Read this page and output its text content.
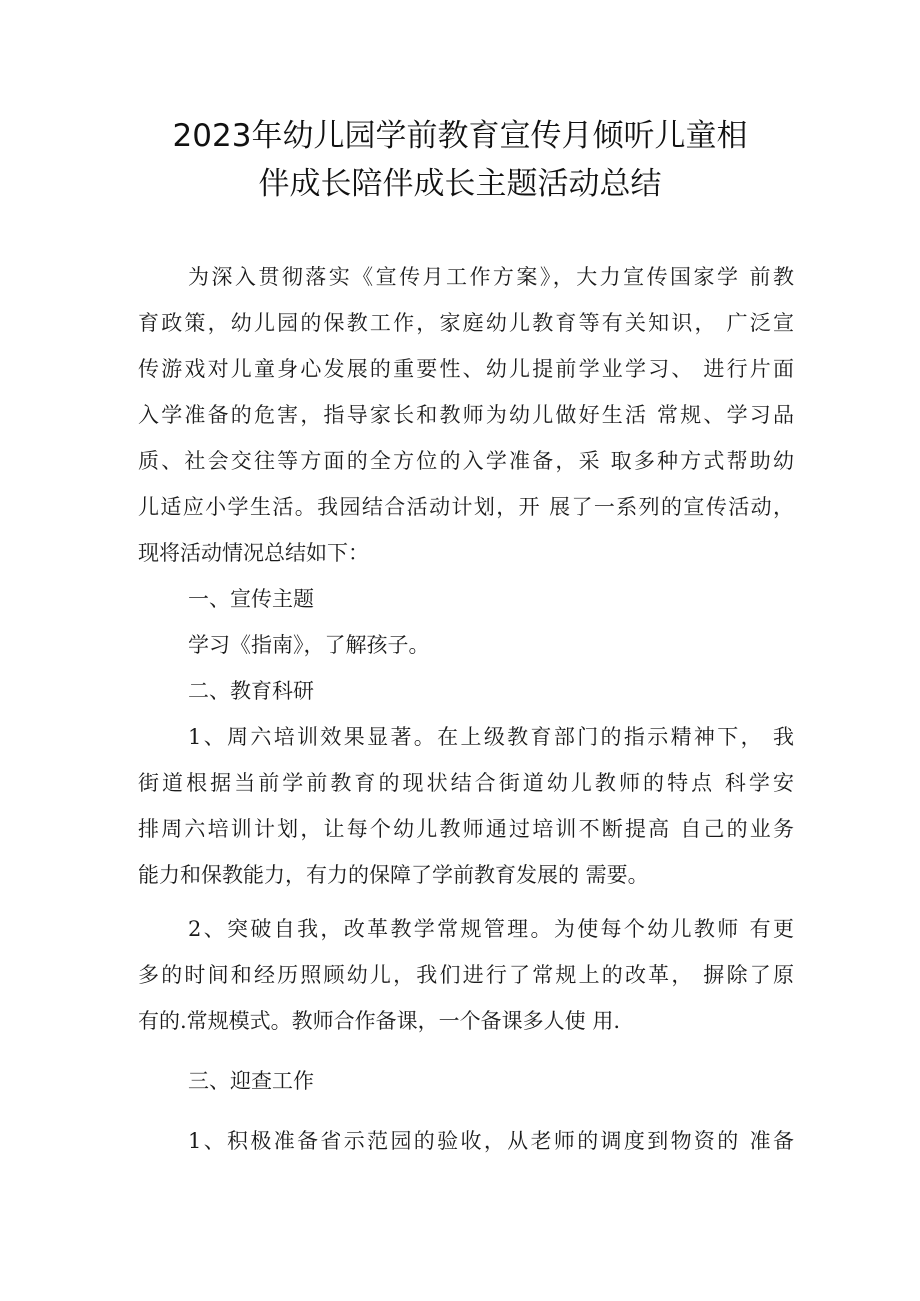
2023年幼儿园学前教育宣传月倾听儿童相
伴成长陪伴成长主题活动总结
为深入贯彻落实《宣传月工作方案》，大力宣传国家学 前教
育政策，幼儿园的保教工作，家庭幼儿教育等有关知识， 广泛宣
传游戏对儿童身心发展的重要性、幼儿提前学业学习、 进行片面
入学准备的危害，指导家长和教师为幼儿做好生活 常规、学习品
质、社会交往等方面的全方位的入学准备，采 取多种方式帮助幼
儿适应小学生活。我园结合活动计划，开 展了一系列的宣传活动，
现将活动情况总结如下：
一、宣传主题
学习《指南》，了解孩子。
二、教育科研
1、周六培训效果显著。在上级教育部门的指示精神下， 我
街道根据当前学前教育的现状结合街道幼儿教师的特点 科学安
排周六培训计划，让每个幼儿教师通过培训不断提高 自己的业务
能力和保教能力，有力的保障了学前教育发展的 需要。
2、突破自我，改革教学常规管理。为使每个幼儿教师 有更
多的时间和经历照顾幼儿，我们进行了常规上的改革， 摒除了原
有的.常规模式。教师合作备课，一个备课多人使 用.
三、迎查工作
1、积极准备省示范园的验收，从老师的调度到物资的 准备
